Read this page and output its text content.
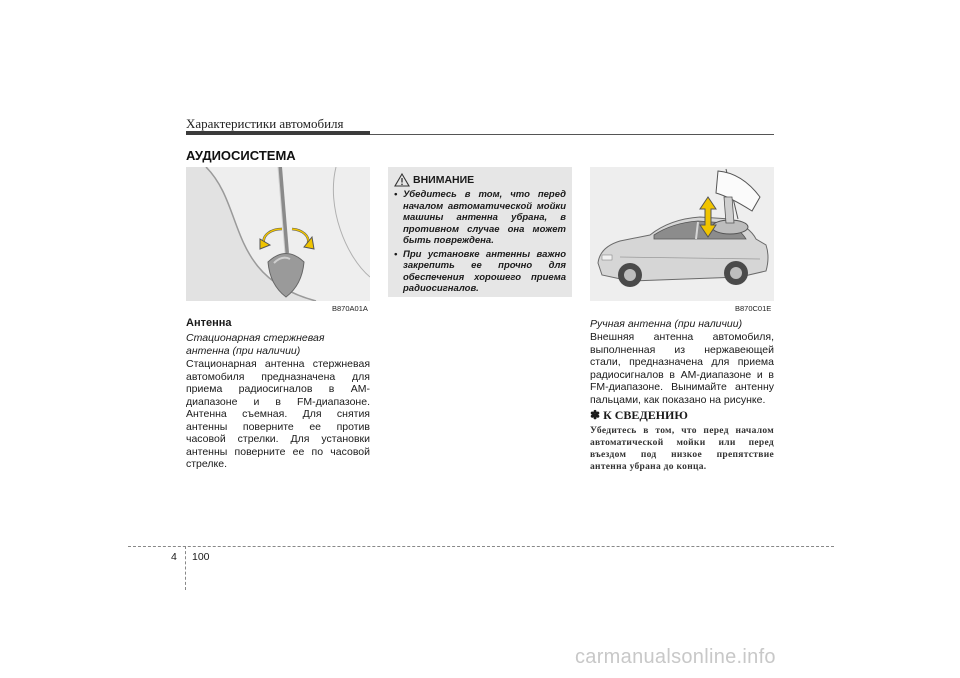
Характеристики автомобиля
АУДИОСИСТЕМА
B870A01A
Антенна
Стационарная стержневая антенна (при наличии)
Стационарная антенна стержневая автомобиля предназначена для приема радиосигналов в АМ-диапазоне и в FM-диапазоне. Антенна съемная. Для снятия антенны поверните ее против часовой стрелки. Для установки антенны поверните ее по часовой стрелке.
ВНИМАНИЕ
• Убедитесь в том, что перед началом автоматической мойки машины антенна убрана, в противном случае она может быть повреждена.
• При установке антенны важно закрепить ее прочно для обеспечения хорошего приема радиосигналов.
B870C01E
Ручная антенна (при наличии)
Внешняя антенна автомобиля, выполненная из нержавеющей стали, предназначена для приема радиосигналов в АМ-диапазоне и в FM-диапазоне. Вынимайте антенну пальцами, как показано на рисунке.
✽ К СВЕДЕНИЮ
Убедитесь в том, что перед началом автоматической мойки или перед въездом под низкое препятствие антенна убрана до конца.
4 100
carmanualsonline.info
